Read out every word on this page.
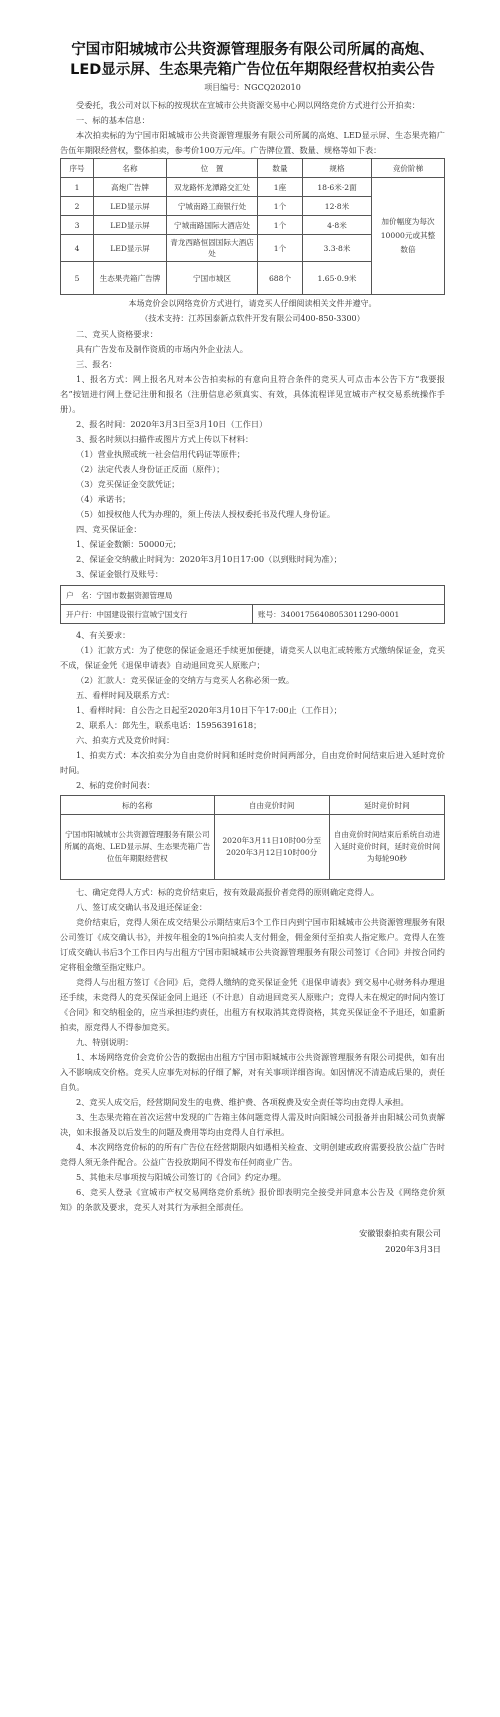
宁国市阳城城市公共资源管理服务有限公司所属的高炮、LED显示屏、生态果壳箱广告位伍年期限经营权拍卖公告
项目编号：NGCQ202010

受委托，我公司对以下标的按现状在宣城市公共资源交易中心网以网络竞价方式进行公开拍卖：

一、标的基本信息：

本次拍卖标的为宁国市阳城城市公共资源管理服务有限公司所属的高炮、LED显示屏、生态果壳箱广告伍年期限经营权，整体拍卖，参考价100万元/年。广告牌位置、数量、规格等如下表：

序号	名称	位　置	数量	规格	竞价阶梯
1	高炮广告牌	双龙路怀龙潭路交汇处	1座	18·6米·2面	加价幅度为每次10000元或其整数倍
2	LED显示屏	宁城南路工商银行处	1个	12·8米	
3	LED显示屏	宁城南路国际大酒店处	1个	4·8米	
4	LED显示屏	青龙西路恒固国际大酒店处	1个	3.3·8米	
5	生态果壳箱广告牌	宁国市城区	688个	1.65·0.9米	

本场竞价会以网络竞价方式进行，请竞买人仔细阅读相关文件并遵守。
（技术支持：江苏国泰新点软件开发有限公司400-850-3300）					

二、竞买人资格要求：

具有广告发布及制作资质的市场内外企业法人。

三、报名：

1、报名方式：网上报名凡对本公告拍卖标的有意向且符合条件的竞买人可点击本公告下方“我要报名”按钮进行网上登记注册和报名（注册信息必须真实、有效，具体流程详见宣城市产权交易系统操作手册）。

2、报名时间：2020年3月3日至3月10日（工作日）

3、报名时须以扫描件或图片方式上传以下材料：

（1）营业执照或统一社会信用代码证等原件；

（2）法定代表人身份证正反面（原件）；

（3）竞买保证金交款凭证；

（4）承诺书；

（5）如授权他人代为办理的，须上传法人授权委托书及代理人身份证。

四、竞买保证金：

1、保证金数额：50000元；

2、保证金交纳截止时间为：2020年3月10日17:00（以到账时间为准）；

3、保证金银行及账号：

户　名：宁国市数据资源管理局
开户行：中国建设银行宣城宁国支行	账号：34001756408053011290-0001

4、有关要求：

（1）汇款方式：为了使您的保证金退还手续更加便捷，请竞买人以电汇或转账方式缴纳保证金，竞买不成，保证金凭《退保申请表》自动退回竞买人原账户；

（2）汇款人：竞买保证金的交纳方与竞买人名称必须一致。

五、看样时间及联系方式：

1、看样时间：自公告之日起至2020年3月10日下午17:00止（工作日）；

2、联系人：郎先生，联系电话：15956391618；

六、拍卖方式及竞价时间：

1、拍卖方式：本次拍卖分为自由竞价时间和延时竞价时间两部分，自由竞价时间结束后进入延时竞价时间。

2、标的竞价时间表：

标的名称	自由竞价时间	延时竞价时间
宁国市阳城城市公共资源管理服务有限公司所属的高炮、LED显示屏、生态果壳箱广告位伍年期限经营权	2020年3月11日10时00分至2020年3月12日10时00分	自由竞价时间结束后系统自动进入延时竞价时间，延时竞价时间为每轮90秒

七、确定竞得人方式：标的竞价结束后，按有效最高报价者竞得的原则确定竞得人。

八、签订成交确认书及退还保证金：

竞价结束后，竞得人须在成交结果公示期结束后3个工作日内到宁国市阳城城市公共资源管理服务有限公司签订《成交确认书》，并按年租金的1%向拍卖人支付佣金，佣金须付至拍卖人指定账户。竞得人在签订成交确认书后3个工作日内与出租方宁国市阳城城市公共资源管理服务有限公司签订《合同》并按合同约定将租金缴至指定账户。

竞得人与出租方签订《合同》后，竞得人缴纳的竞买保证金凭《退保申请表》到交易中心财务科办理退还手续，未竞得人的竞买保证金同上退还（不计息）自动退回竞买人原账户；竞得人未在规定的时间内签订《合同》和交纳租金的，应当承担违约责任，出租方有权取消其竞得资格，其竞买保证金不予退还，如重新拍卖，原竞得人不得参加竞买。

九、特别说明：

1、本场网络竞价会竞价公告的数据由出租方宁国市阳城城市公共资源管理服务有限公司提供，如有出入不影响成交价格。竞买人应事先对标的仔细了解，对有关事项详细咨询。如因情况不清造成后果的，责任自负。

2、竞买人成交后，经营期间发生的电费、维护费、各项税费及安全责任等均由竞得人承担。

3、生态果壳箱在首次运营中发现的广告箱主体问题竞得人需及时向阳城公司报备并由阳城公司负责解决，如未报备及以后发生的问题及费用等均由竞得人自行承担。

4、本次网络竞价标的的所有广告位在经营期限内如遇相关检查、文明创建或政府需要投放公益广告时竞得人须无条件配合。公益广告投放期间不得发布任何商业广告。

5、其他未尽事项按与阳城公司签订的《合同》约定办理。

6、竞买人登录《宣城市产权交易网络竞价系统》报价即表明完全接受并同意本公告及《网络竞价须知》的条款及要求，竞买人对其行为承担全部责任。

安徽银泰拍卖有限公司
2020年3月3日
